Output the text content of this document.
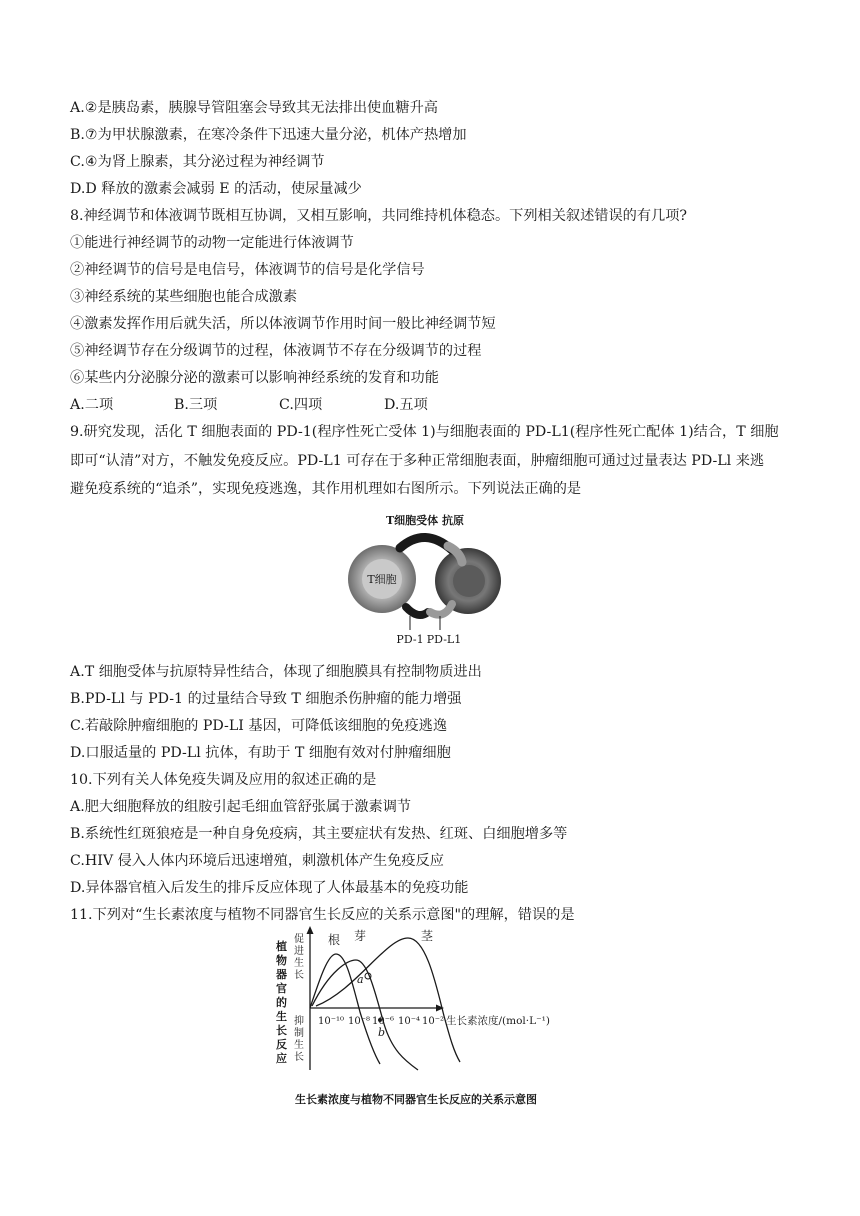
A.②是胰岛素，胰腺导管阻塞会导致其无法排出使血糖升高
B.⑦为甲状腺激素，在寒冷条件下迅速大量分泌，机体产热增加
C.④为肾上腺素，其分泌过程为神经调节
D.D 释放的激素会减弱 E 的活动，使尿量减少
8.神经调节和体液调节既相互协调，又相互影响，共同维持机体稳态。下列相关叙述错误的有几项?
①能进行神经调节的动物一定能进行体液调节
②神经调节的信号是电信号，体液调节的信号是化学信号
③神经系统的某些细胞也能合成激素
④激素发挥作用后就失活，所以体液调节作用时间一般比神经调节短
⑤神经调节存在分级调节的过程，体液调节不存在分级调节的过程
⑥某些内分泌腺分泌的激素可以影响神经系统的发育和功能
A.二项	B.三项	C.四项	D.五项
9.研究发现，活化 T 细胞表面的 PD-1(程序性死亡受体 1)与细胞表面的 PD-L1(程序性死亡配体 1)结合，T 细胞
即可“认清”对方，不触发免疫反应。PD-L1 可存在于多种正常细胞表面，肿瘤细胞可通过过量表达 PD-Ll 来逃
避免疫系统的“追杀”，实现免疫逃逸，其作用机理如右图所示。下列说法正确的是
T细胞受体 抗原
T细胞
PD-1 PD-L1
A.T 细胞受体与抗原特异性结合，体现了细胞膜具有控制物质进出
B.PD-Ll 与 PD-1 的过量结合导致 T 细胞杀伤肿瘤的能力增强
C.若敲除肿瘤细胞的 PD-LI 基因，可降低该细胞的免疫逃逸
D.口服适量的 PD-Ll 抗体，有助于 T 细胞有效对付肿瘤细胞
10.下列有关人体免疫失调及应用的叙述正确的是
A.肥大细胞释放的组胺引起毛细血管舒张属于激素调节
B.系统性红斑狼疮是一种自身免疫病，其主要症状有发热、红斑、白细胞增多等
C.HIV 侵入人体内环境后迅速增殖，刺激机体产生免疫反应
D.异体器官植入后发生的排斥反应体现了人体最基本的免疫功能
11.下列对“生长素浓度与植物不同器官生长反应的关系示意图"的理解，错误的是
植物器官的生长反应
促进生长
抑制生长
根 芽	茎
a
b
10⁻¹⁰ 10⁻⁸ 10⁻⁶ 10⁻⁴ 10⁻² 生长素浓度/(mol·L⁻¹)
生长素浓度与植物不同器官生长反应的关系示意图
